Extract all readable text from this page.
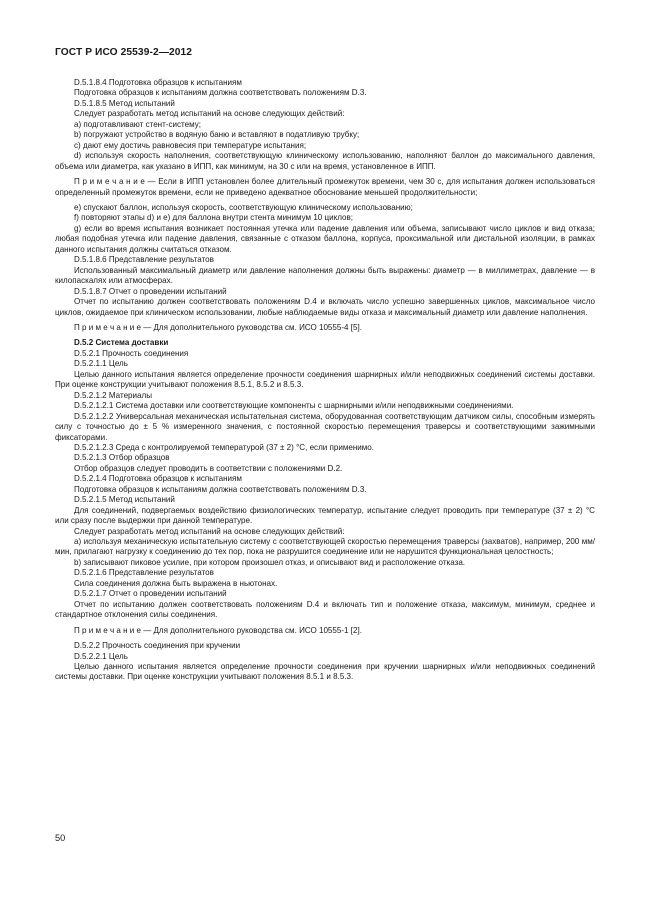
ГОСТ Р ИСО 25539-2—2012

D.5.1.8.4 Подготовка образцов к испытаниям

Подготовка образцов к испытаниям должна соответствовать положениям D.3.

D.5.1.8.5 Метод испытаний

Следует разработать метод испытаний на основе следующих действий:

а) подготавливают стент-систему;

b) погружают устройство в водяную баню и вставляют в податливую трубку;

с) дают ему достичь равновесия при температуре испытания;

d) используя скорость наполнения, соответствующую клиническому использованию, наполняют баллон до максимального давления, объема или диаметра, как указано в ИПП, как минимум, на 30 с или на время, установленное в ИПП.

П р и м е ч а н и е — Если в ИПП установлен более длительный промежуток времени, чем 30 с, для испытания должен использоваться определенный промежуток времени, если не приведено адекватное обоснование меньшей продолжительности;

е) спускают баллон, используя скорость, соответствующую клиническому использованию;

f) повторяют этапы d) и е) для баллона внутри стента минимум 10 циклов;

g) если во время испытания возникает постоянная утечка или падение давления или объема, записывают число циклов и вид отказа; любая подобная утечка или падение давления, связанные с отказом баллона, корпуса, проксимальной или дистальной изоляции, в рамках данного испытания должны считаться отказом.

D.5.1.8.6 Представление результатов

Использованный максимальный диаметр или давление наполнения должны быть выражены: диаметр — в миллиметрах, давление — в килопаскалях или атмосферах.

D.5.1.8.7 Отчет о проведении испытаний

Отчет по испытанию должен соответствовать положениям D.4 и включать число успешно завершенных циклов, максимальное число циклов, ожидаемое при клиническом использовании, любые наблюдаемые виды отказа и максимальный диаметр или давление наполнения.

П р и м е ч а н и е — Для дополнительного руководства см. ИСО 10555-4 [5].

D.5.2 Система доставки

D.5.2.1 Прочность соединения

D.5.2.1.1 Цель

Целью данного испытания является определение прочности соединения шарнирных и/или неподвижных соединений системы доставки. При оценке конструкции учитывают положения 8.5.1, 8.5.2 и 8.5.3.

D.5.2.1.2 Материалы

D.5.2.1.2.1 Система доставки или соответствующие компоненты с шарнирными и/или неподвижными соединениями.

D.5.2.1.2.2 Универсальная механическая испытательная система, оборудованная соответствующим датчиком силы, способным измерять силу с точностью до ± 5 % измеренного значения, с постоянной скоростью перемещения траверсы и соответствующими зажимными фиксаторами.

D.5.2.1.2.3 Среда с контролируемой температурой (37 ± 2) °С, если применимо.

D.5.2.1.3 Отбор образцов

Отбор образцов следует проводить в соответствии с положениями D.2.

D.5.2.1.4 Подготовка образцов к испытаниям

Подготовка образцов к испытаниям должна соответствовать положениям D.3.

D.5.2.1.5 Метод испытаний

Для соединений, подвергаемых воздействию физиологических температур, испытание следует проводить при температуре (37 ± 2) °С или сразу после выдержки при данной температуре.

Следует разработать метод испытаний на основе следующих действий:

а) используя механическую испытательную систему с соответствующей скоростью перемещения траверсы (захватов), например, 200 мм/мин, прилагают нагрузку к соединению до тех пор, пока не разрушится соединение или не нарушится функциональная целостность;

b) записывают пиковое усилие, при котором произошел отказ, и описывают вид и расположение отказа.

D.5.2.1.6 Представление результатов

Сила соединения должна быть выражена в ньютонах.

D.5.2.1.7 Отчет о проведении испытаний

Отчет по испытанию должен соответствовать положениям D.4 и включать тип и положение отказа, максимум, минимум, среднее и стандартное отклонения силы соединения.

П р и м е ч а н и е — Для дополнительного руководства см. ИСО 10555-1 [2].

D.5.2.2 Прочность соединения при кручении

D.5.2.2.1 Цель

Целью данного испытания является определение прочности соединения при кручении шарнирных и/или неподвижных соединений системы доставки. При оценке конструкции учитывают положения 8.5.1 и 8.5.3.

50
